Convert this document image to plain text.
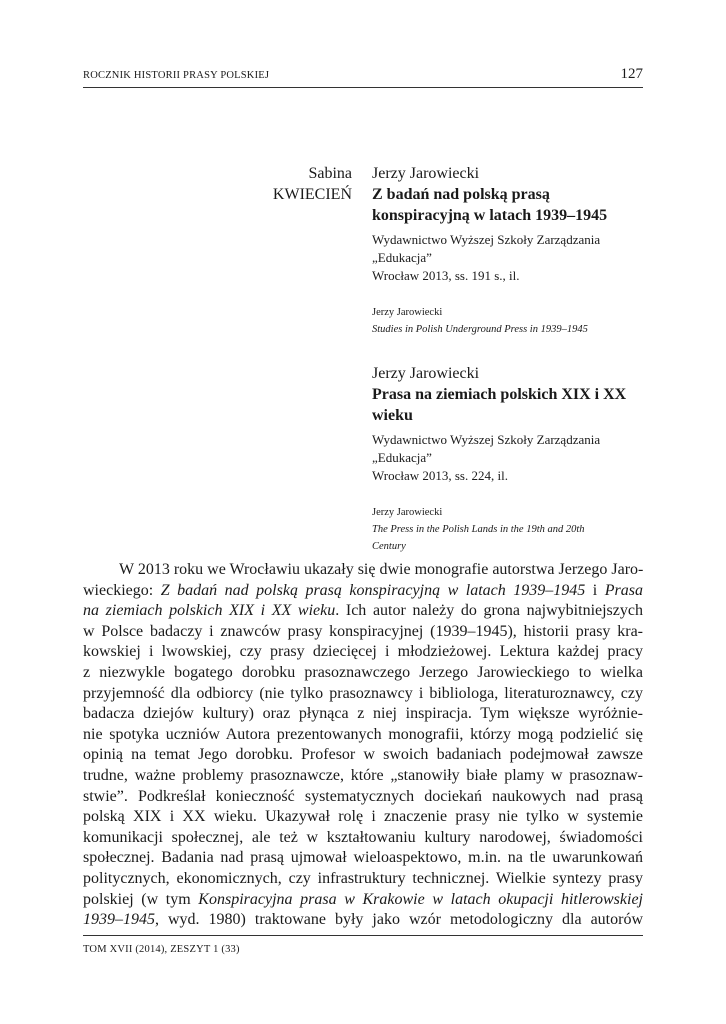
ROCZNIK HISTORII PRASY POLSKIEJ	127
Sabina
KWIECIEŃ
Jerzy Jarowiecki
Z badań nad polską prasą
konspiracyjną w latach 1939–1945
Wydawnictwo Wyższej Szkoły Zarządzania
„Edukacja”
Wrocław 2013, ss. 191 s., il.
Jerzy Jarowiecki
Studies in Polish Underground Press in 1939–1945
Jerzy Jarowiecki
Prasa na ziemiach polskich XIX i XX
wieku
Wydawnictwo Wyższej Szkoły Zarządzania
„Edukacja”
Wrocław 2013, ss. 224, il.
Jerzy Jarowiecki
The Press in the Polish Lands in the 19th and 20th
Century
W 2013 roku we Wrocławiu ukazały się dwie monografie autorstwa Jerzego Jaro-
wieckiego: Z badań nad polską prasą konspiracyjną w latach 1939–1945 i Prasa
na ziemiach polskich XIX i XX wieku. Ich autor należy do grona najwybitniejszych
w Polsce badaczy i znawców prasy konspiracyjnej (1939–1945), historii prasy kra-
kowskiej i lwowskiej, czy prasy dziecięcej i młodzieżowej. Lektura każdej pracy
z niezwykle bogatego dorobku prasoznawczego Jerzego Jarowieckiego to wielka
przyjemność dla odbiorcy (nie tylko prasoznawcy i bibliologa, literaturoznawcy, czy
badacza dziejów kultury) oraz płynąca z niej inspiracja. Tym większe wyróżnie-
nie spotyka uczniów Autora prezentowanych monografii, którzy mogą podzielić się
opinią na temat Jego dorobku. Profesor w swoich badaniach podejmował zawsze
trudne, ważne problemy prasoznawcze, które „stanowiły białe plamy w prasoznaw-
stwie”. Podkreślał konieczność systematycznych dociekań naukowych nad prasą
polską XIX i XX wieku. Ukazywał rolę i znaczenie prasy nie tylko w systemie
komunikacji społecznej, ale też w kształtowaniu kultury narodowej, świadomości
społecznej. Badania nad prasą ujmował wieloaspektowo, m.in. na tle uwarunkowań
politycznych, ekonomicznych, czy infrastruktury technicznej. Wielkie syntezy prasy
polskiej (w tym Konspiracyjna prasa w Krakowie w latach okupacji hitlerowskiej
1939–1945, wyd. 1980) traktowane były jako wzór metodologiczny dla autorów
TOM XVII (2014), ZESZYT 1 (33)
